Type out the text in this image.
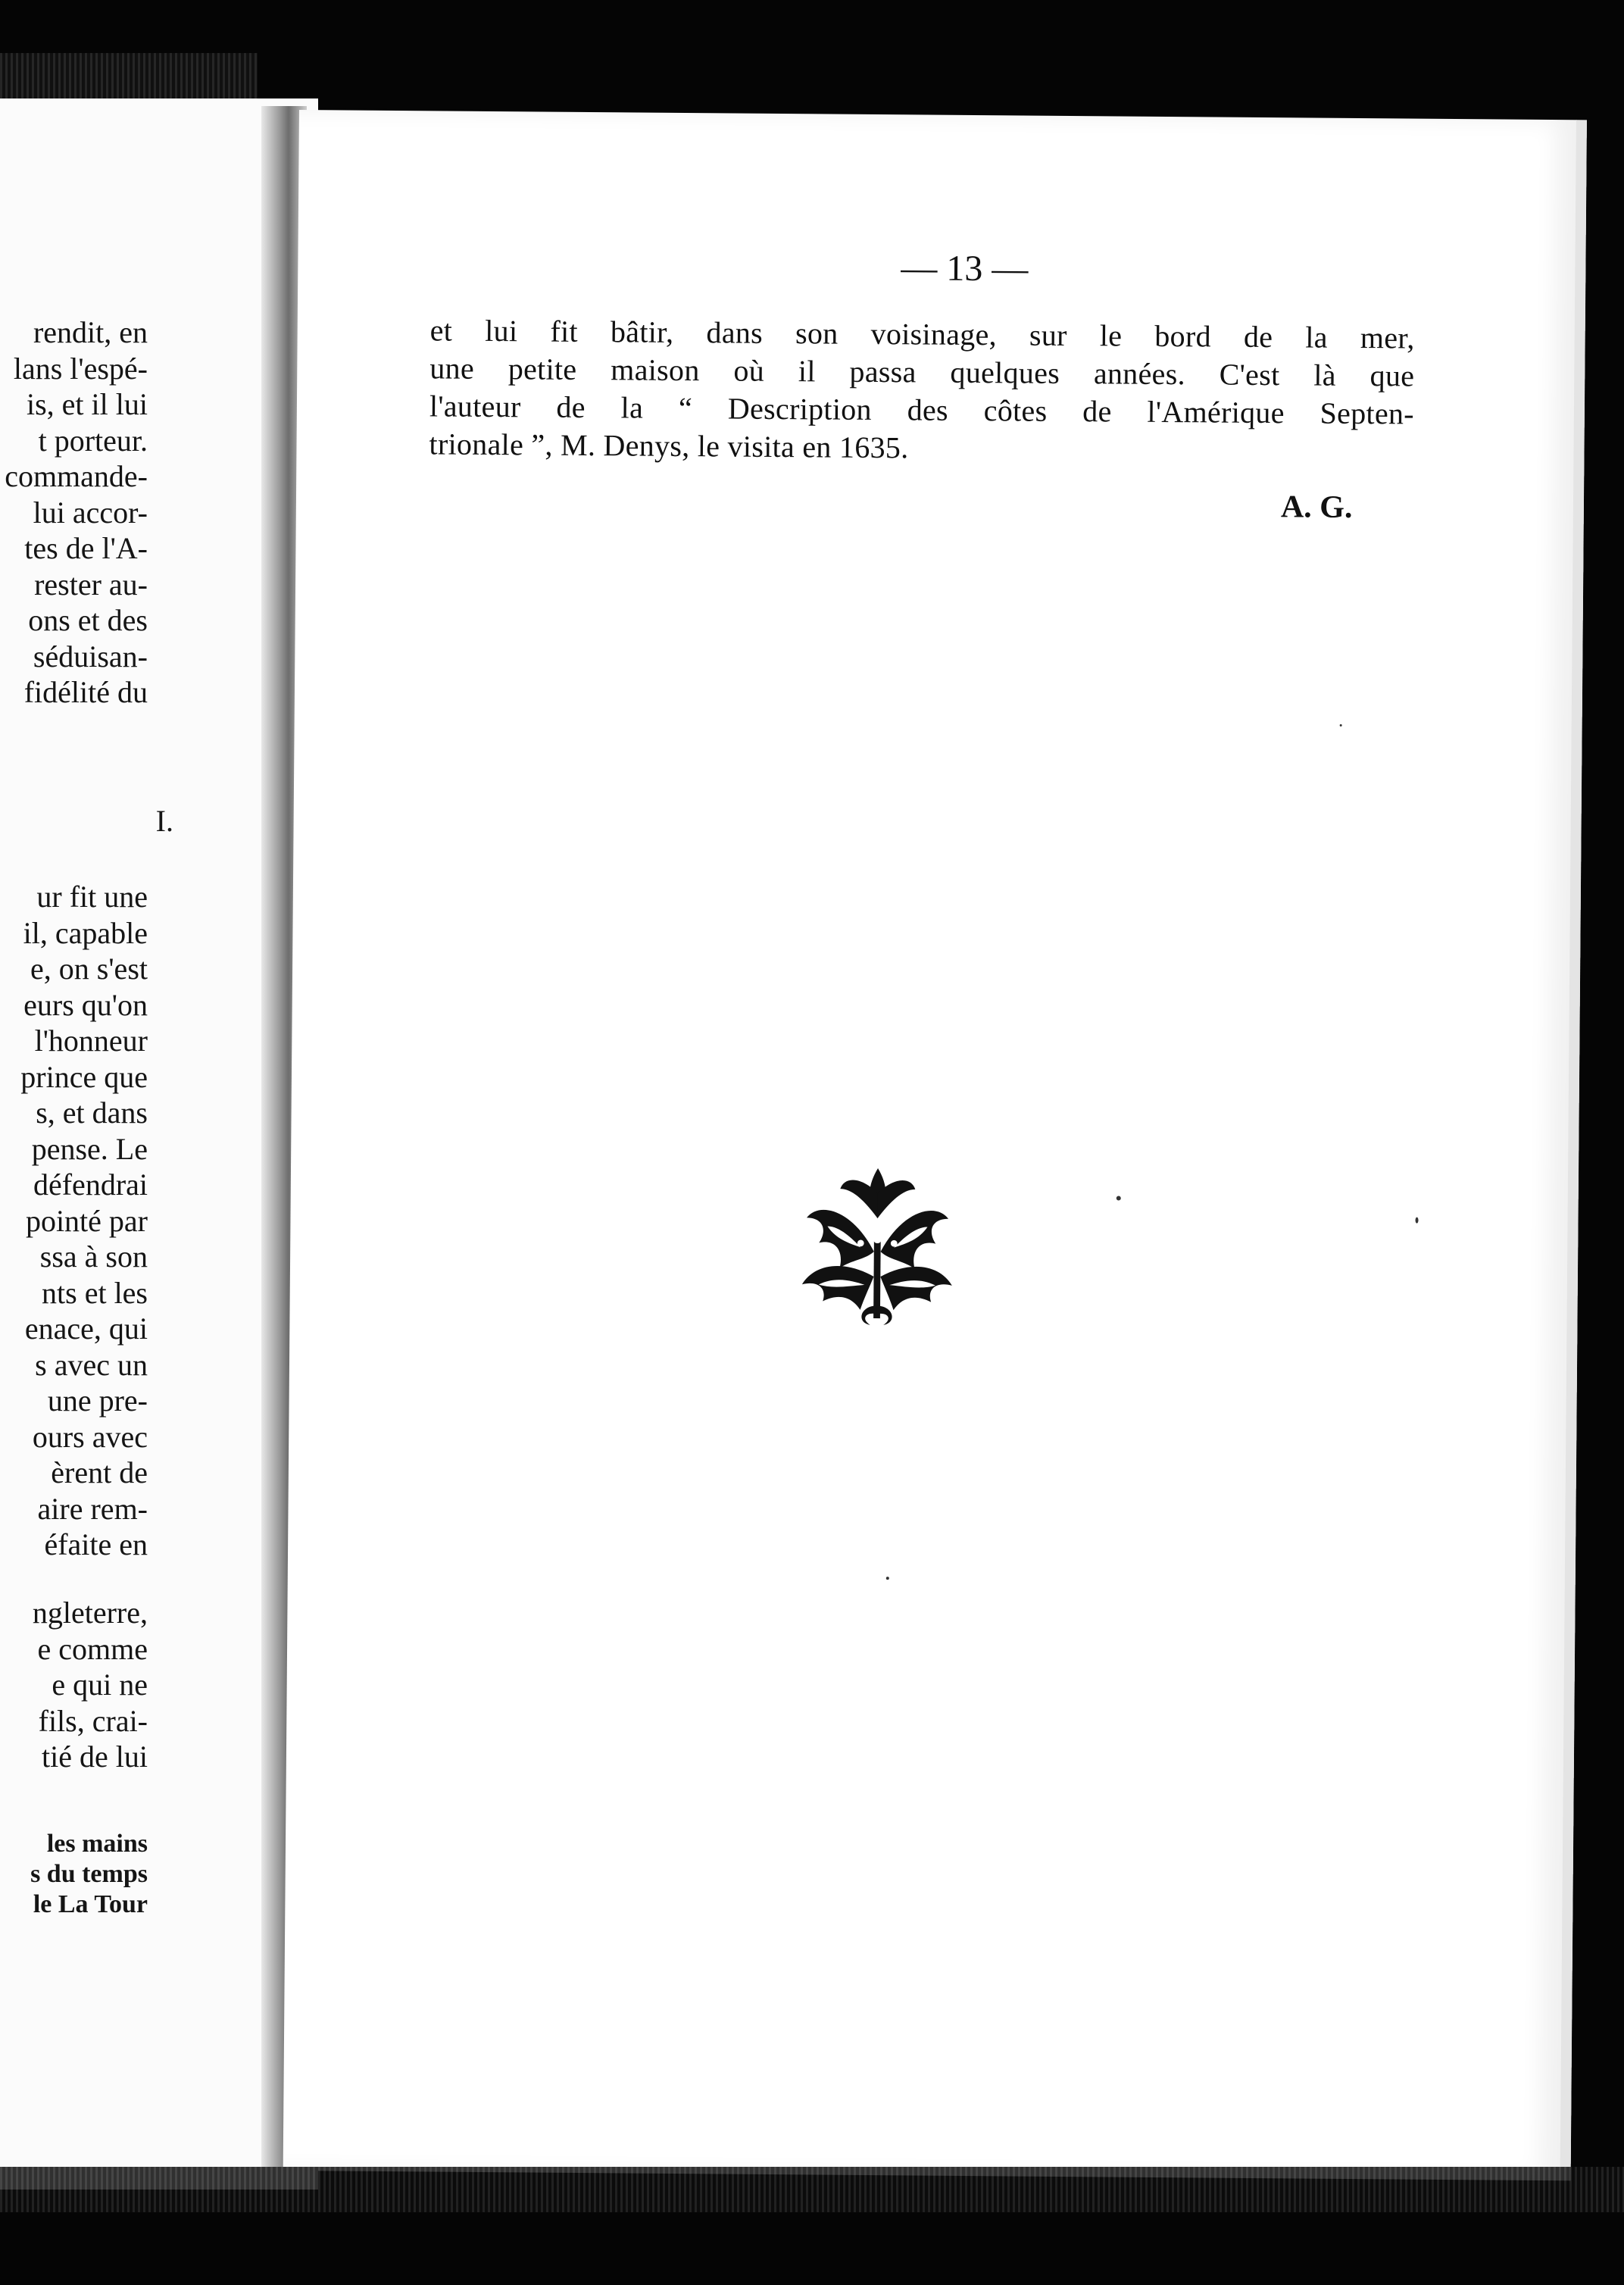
rendit, en
lans l'espé-
is, et il lui
t porteur.
commande-
lui accor-
tes de l'A-
rester au-
ons et des
séduisan-
fidélité du
I.
ur fit une
il, capable
e, on s'est
eurs qu'on
l'honneur
prince que
s, et dans
pense. Le
défendrai
pointé par
ssa à son
nts et les
enace, qui
s avec un
une pre-
ours avec
èrent de
aire rem-
éfaite en
ngleterre,
e comme
e qui ne
fils, crai-
tié de lui
les mains
s du temps
le La Tour
— 13 —
et lui fit bâtir, dans son voisinage, sur le bord de la mer,
une petite maison où il passa quelques années. C'est là que
l'auteur de la “ Description des côtes de l'Amérique Septen-
trionale ”, M. Denys, le visita en 1635.
A. G.
